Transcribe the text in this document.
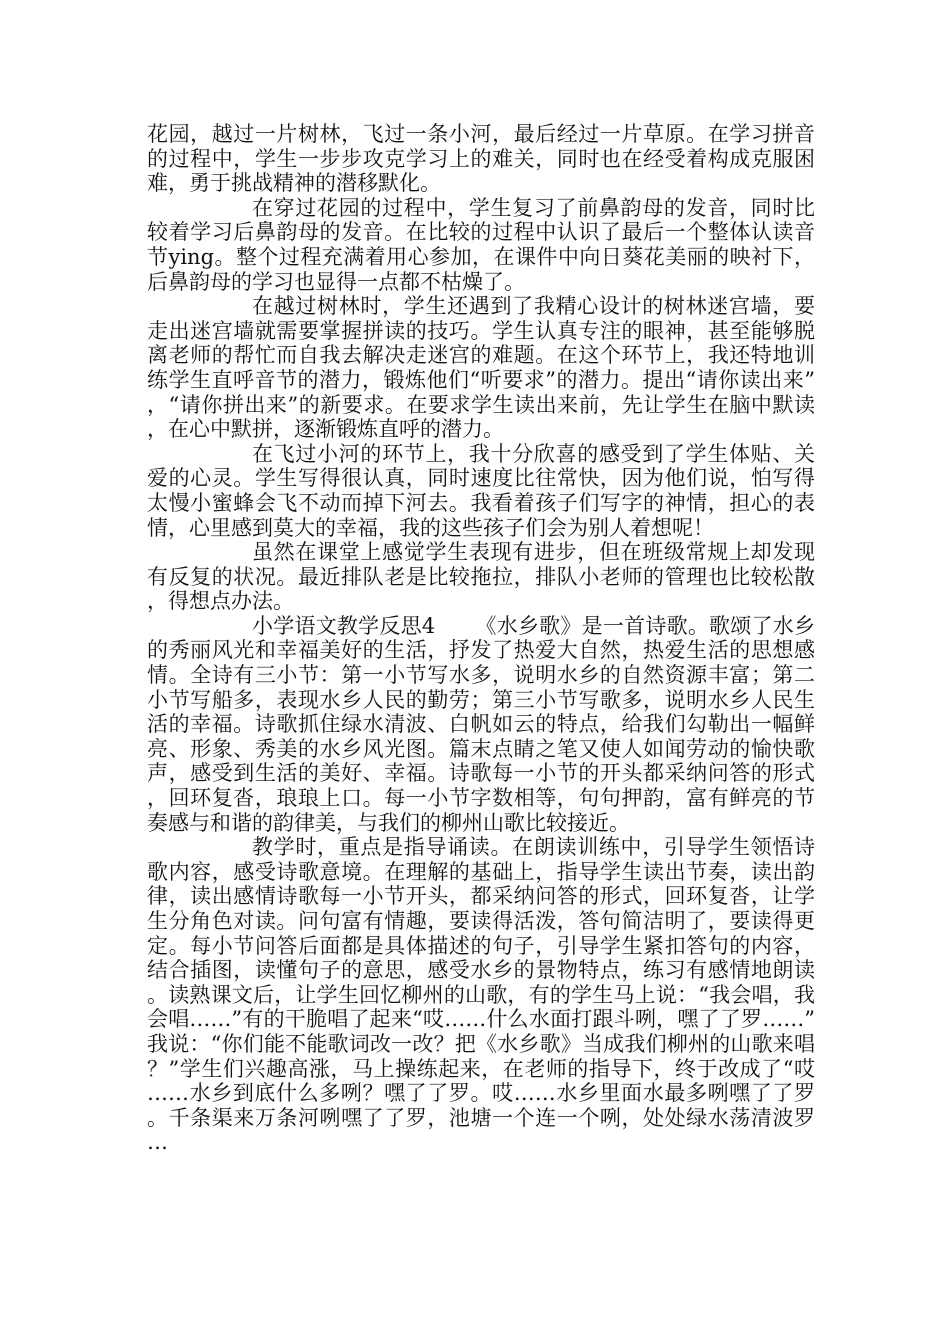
花园，越过一片树林，飞过一条小河，最后经过一片草原。在学习拼音的过程中，学生一步步攻克学习上的难关，同时也在经受着构成克服困难，勇于挑战精神的潜移默化。

在穿过花园的过程中，学生复习了前鼻韵母的发音，同时比较着学习后鼻韵母的发音。在比较的过程中认识了最后一个整体认读音节ying。整个过程充满着用心参加，在课件中向日葵花美丽的映衬下，后鼻韵母的学习也显得一点都不枯燥了。

在越过树林时，学生还遇到了我精心设计的树林迷宫墙，要走出迷宫墙就需要掌握拼读的技巧。学生认真专注的眼神，甚至能够脱离老师的帮忙而自我去解决走迷宫的难题。在这个环节上，我还特地训练学生直呼音节的潜力，锻炼他们“听要求”的潜力。提出“请你读出来”，“请你拼出来”的新要求。在要求学生读出来前，先让学生在脑中默读，在心中默拼，逐渐锻炼直呼的潜力。

在飞过小河的环节上，我十分欣喜的感受到了学生体贴、关爱的心灵。学生写得很认真，同时速度比往常快，因为他们说，怕写得太慢小蜜蜂会飞不动而掉下河去。我看着孩子们写字的神情，担心的表情，心里感到莫大的幸福，我的这些孩子们会为别人着想呢！

虽然在课堂上感觉学生表现有进步，但在班级常规上却发现有反复的状况。最近排队老是比较拖拉，排队小老师的管理也比较松散，得想点办法。

小学语文教学反思4 《水乡歌》是一首诗歌。歌颂了水乡的秀丽风光和幸福美好的生活，抒发了热爱大自然，热爱生活的思想感情。全诗有三小节：第一小节写水多，说明水乡的自然资源丰富；第二小节写船多，表现水乡人民的勤劳；第三小节写歌多，说明水乡人民生活的幸福。诗歌抓住绿水清波、白帆如云的特点，给我们勾勒出一幅鲜亮、形象、秀美的水乡风光图。篇末点睛之笔又使人如闻劳动的愉快歌声，感受到生活的美好、幸福。诗歌每一小节的开头都采纳问答的形式，回环复沓，琅琅上口。每一小节字数相等，句句押韵，富有鲜亮的节奏感与和谐的韵律美，与我们的柳州山歌比较接近。

教学时，重点是指导诵读。在朗读训练中，引导学生领悟诗歌内容，感受诗歌意境。在理解的基础上，指导学生读出节奏，读出韵律，读出感情诗歌每一小节开头，都采纳问答的形式，回环复沓，让学生分角色对读。问句富有情趣，要读得活泼，答句简洁明了，要读得更定。每小节问答后面都是具体描述的句子，引导学生紧扣答句的内容，结合插图，读懂句子的意思，感受水乡的景物特点，练习有感情地朗读。读熟课文后，让学生回忆柳州的山歌，有的学生马上说：“我会唱，我会唱……”有的干脆唱了起来“哎……什么水面打跟斗咧，嘿了了罗……”我说：“你们能不能歌词改一改？把《水乡歌》当成我们柳州的山歌来唱？”学生们兴趣高涨，马上操练起来，在老师的指导下，终于改成了“哎……水乡到底什么多咧？嘿了了罗。哎……水乡里面水最多咧嘿了了罗。千条渠来万条河咧嘿了了罗，池塘一个连一个咧，处处绿水荡清波罗…
